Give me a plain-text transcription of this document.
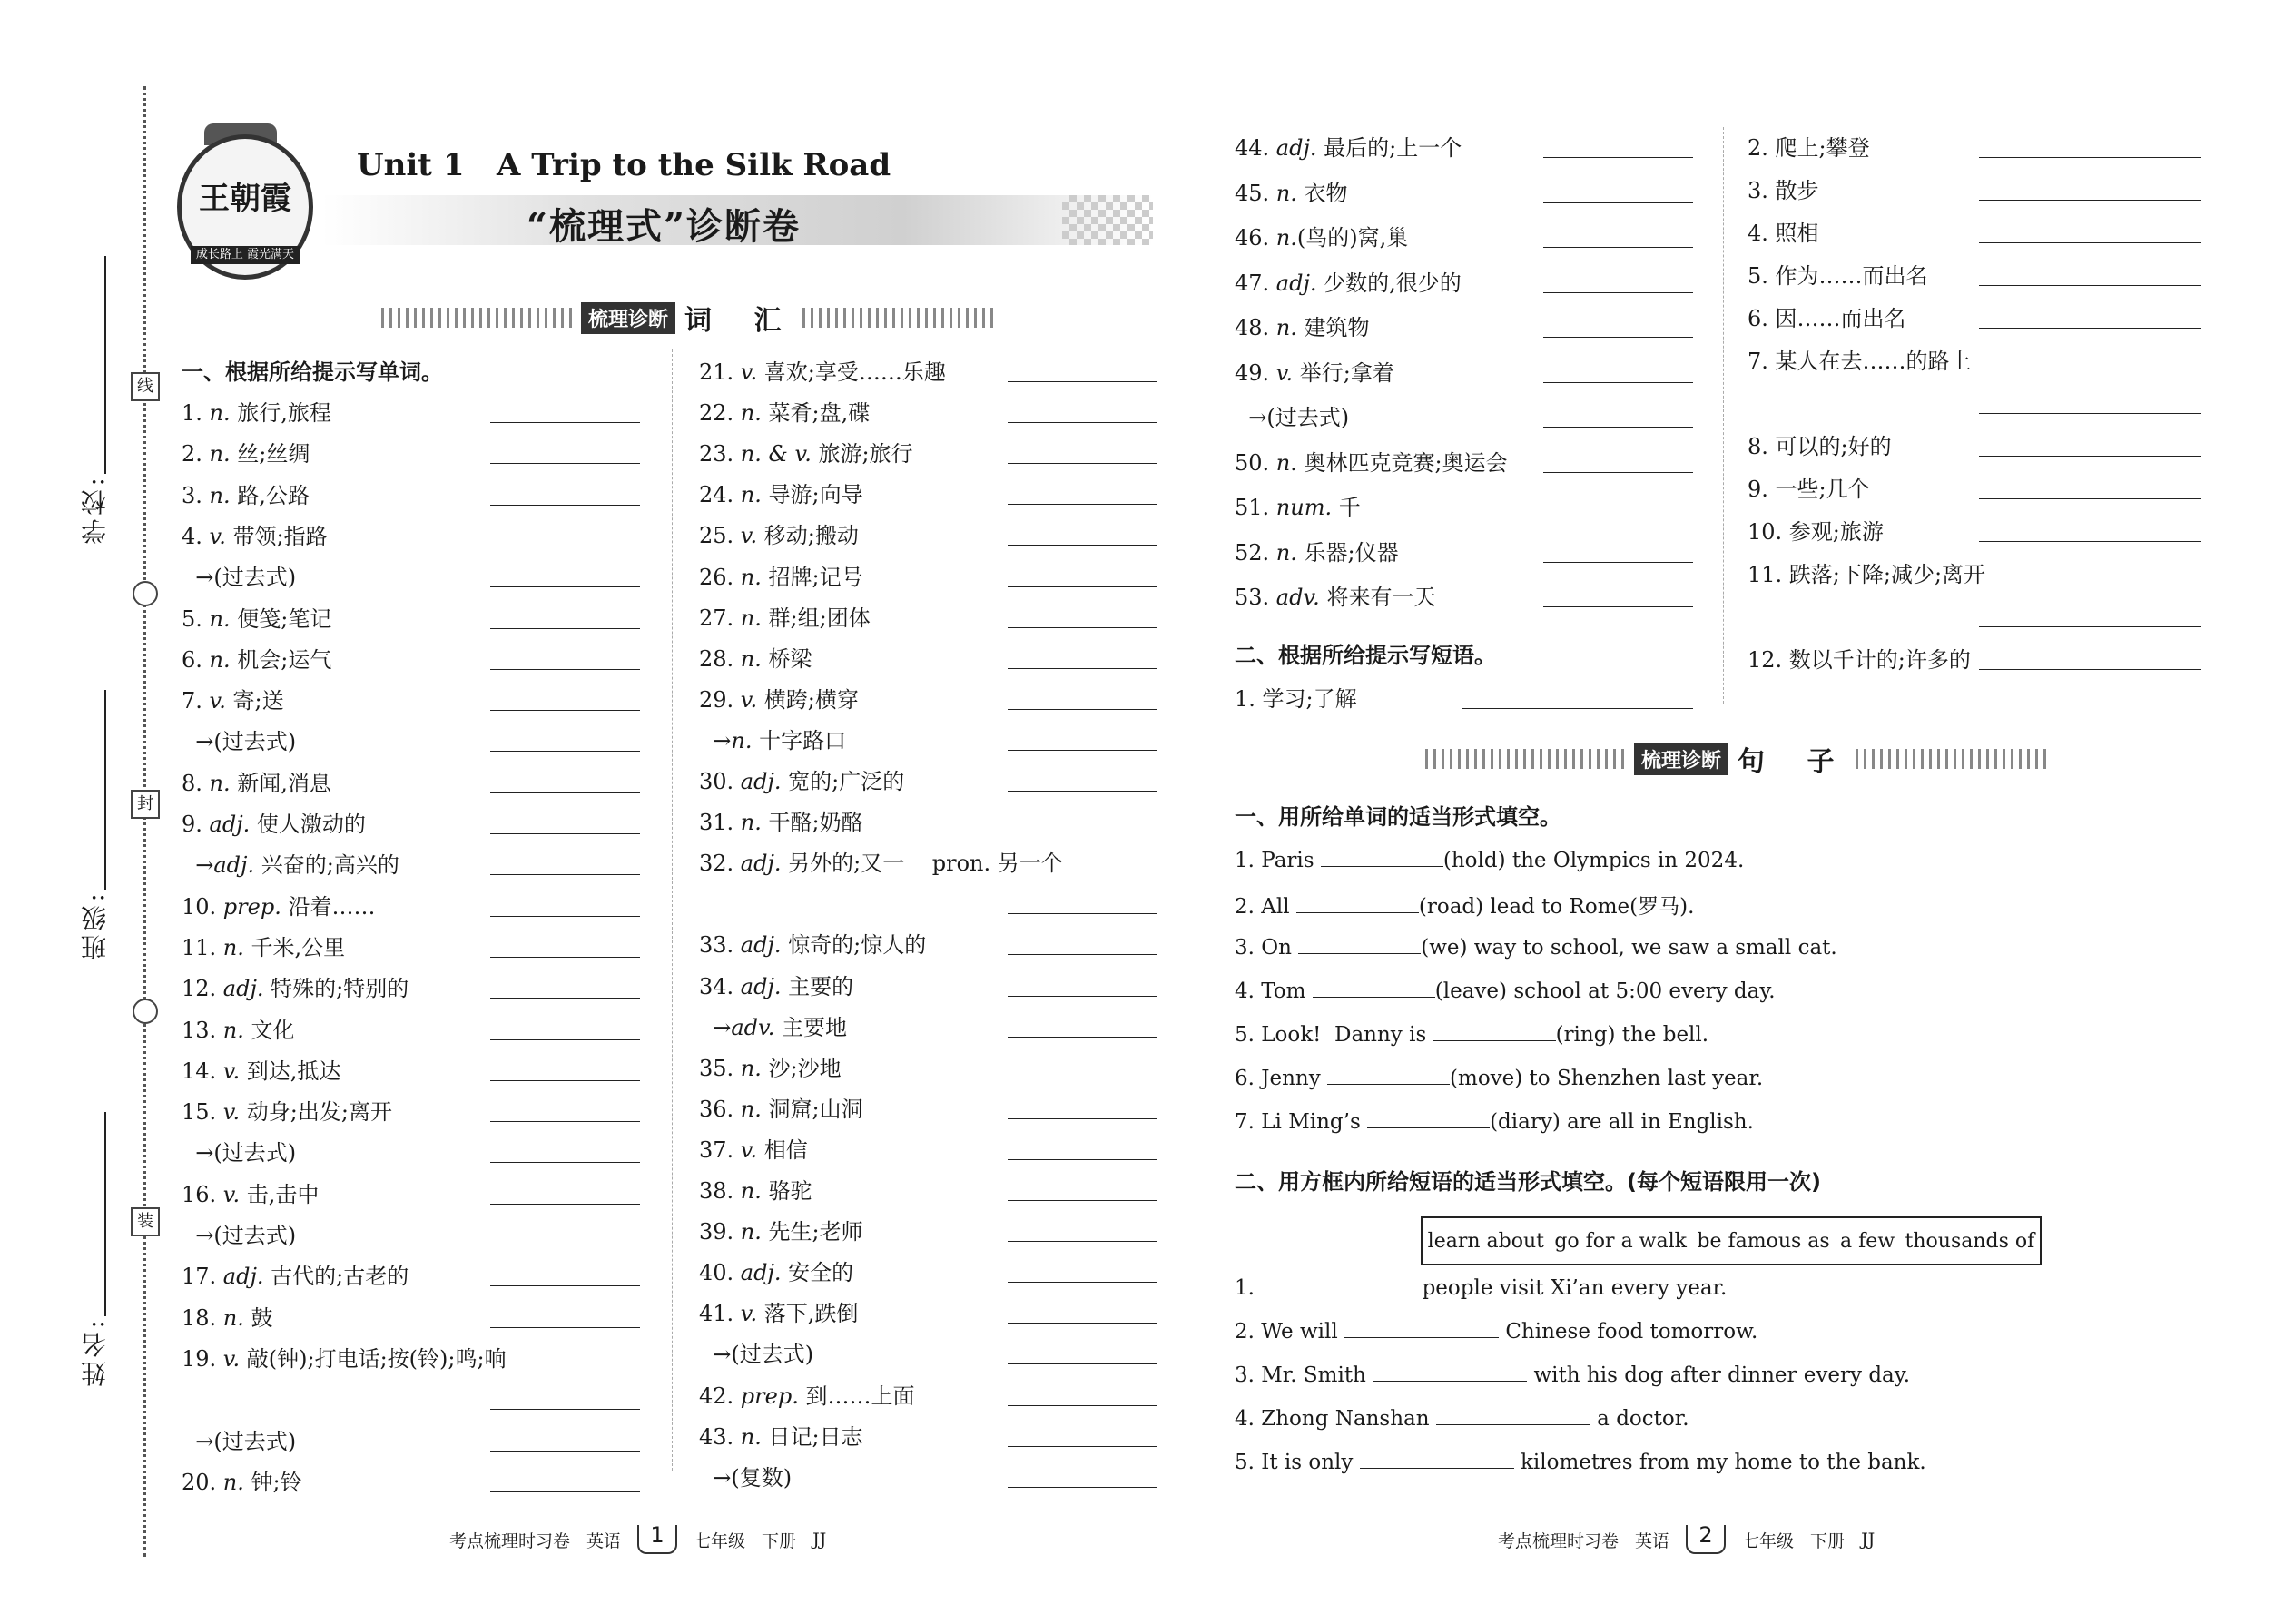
学校:
班级:
姓名:
线
封
装
王朝霞
成长路上 霞光满天
Unit 1   A Trip to the Silk Road
“梳理式”诊断卷
梳理诊断 词 汇
一、根据所给提示写单词。
1. n. 旅行,旅程
2. n. 丝;丝绸
3. n. 路,公路
4. v. 带领;指路
→(过去式)
5. n. 便笺;笔记
6. n. 机会;运气
7. v. 寄;送
→(过去式)
8. n. 新闻,消息
9. adj. 使人激动的
→adj. 兴奋的;高兴的
10. prep. 沿着……
11. n. 千米,公里
12. adj. 特殊的;特别的
13. n. 文化
14. v. 到达,抵达
15. v. 动身;出发;离开
→(过去式)
16. v. 击,击中
→(过去式)
17. adj. 古代的;古老的
18. n. 鼓
19. v. 敲(钟);打电话;按(铃);鸣;响
→(过去式)
20. n. 钟;铃
21. v. 喜欢;享受……乐趣
22. n. 菜肴;盘,碟
23. n. & v. 旅游;旅行
24. n. 导游;向导
25. v. 移动;搬动
26. n. 招牌;记号
27. n. 群;组;团体
28. n. 桥梁
29. v. 横跨;横穿
→n. 十字路口
30. adj. 宽的;广泛的
31. n. 干酪;奶酪
32. adj. 另外的;又一    pron. 另一个
33. adj. 惊奇的;惊人的
34. adj. 主要的
→adv. 主要地
35. n. 沙;沙地
36. n. 洞窟;山洞
37. v. 相信
38. n. 骆驼
39. n. 先生;老师
40. adj. 安全的
41. v. 落下,跌倒
→(过去式)
42. prep. 到……上面
43. n. 日记;日志
→(复数)
44. adj. 最后的;上一个
45. n. 衣物
46. n.(鸟的)窝,巢
47. adj. 少数的,很少的
48. n. 建筑物
49. v. 举行;拿着
→(过去式)
50. n. 奥林匹克竞赛;奥运会
51. num. 千
52. n. 乐器;仪器
53. adv. 将来有一天
2. 爬上;攀登
3. 散步
4. 照相
5. 作为……而出名
6. 因……而出名
7. 某人在去……的路上
8. 可以的;好的
9. 一些;几个
10. 参观;旅游
11. 跌落;下降;减少;离开
12. 数以千计的;许多的
二、根据所给提示写短语。
1. 学习;了解
梳理诊断 句 子
一、用所给单词的适当形式填空。
1. Paris	(hold) the Olympics in 2024.
2. All	(road) lead to Rome(罗马).
3. On	(we) way to school, we saw a small cat.
4. Tom	(leave) school at 5:00 every day.
5. Look!  Danny is	(ring) the bell.
6. Jenny	(move) to Shenzhen last year.
7. Li Ming’s	(diary) are all in English.
二、用方框内所给短语的适当形式填空。(每个短语限用一次)
learn about go for a walk be famous as a few thousands of
1.	people visit Xi’an every year.
2. We will	Chinese food tomorrow.
3. Mr. Smith	with his dog after dinner every day.
4. Zhong Nanshan	a doctor.
5. It is only	kilometres from my home to the bank.
考点梳理时习卷 英语	1	七年级 下册 JJ	考点梳理时习卷 英语	2	七年级 下册 JJ
